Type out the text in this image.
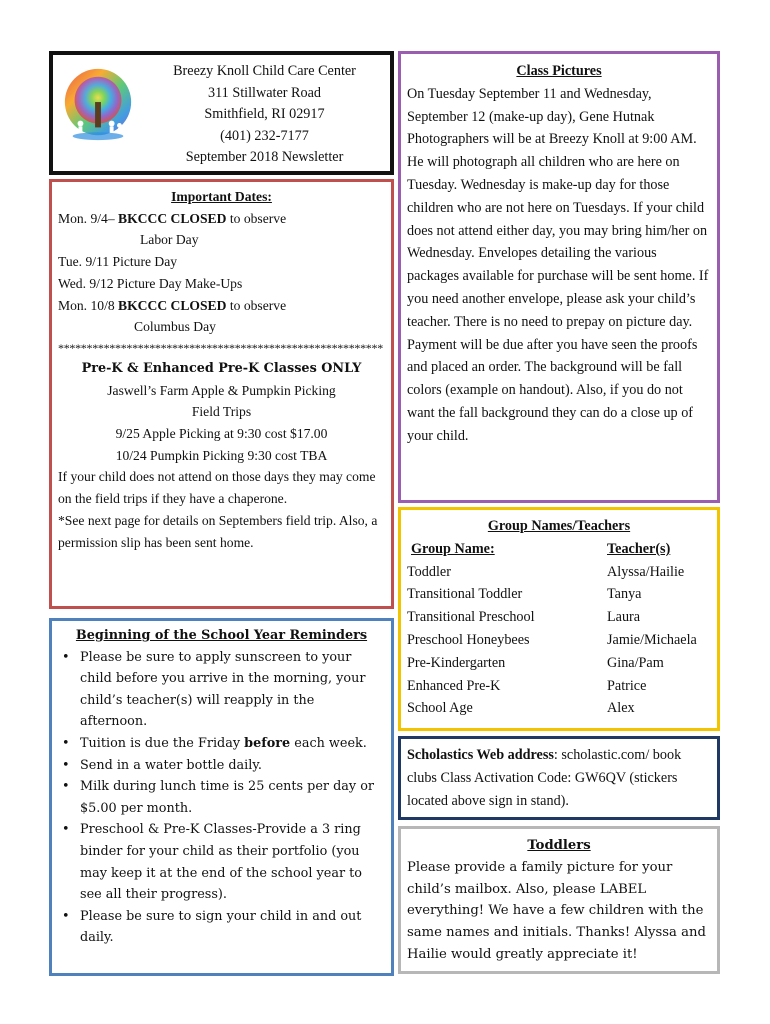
Breezy Knoll Child Care Center
311 Stillwater Road
Smithfield, RI 02917
(401) 232-7177
September 2018 Newsletter
Important Dates:
Mon. 9/4– BKCCC CLOSED to observe
Labor Day
Tue. 9/11 Picture Day
Wed. 9/12 Picture Day Make-Ups
Mon. 10/8 BKCCC CLOSED to observe
Columbus Day
*********************************************************
Pre-K & Enhanced Pre-K Classes ONLY
Jaswell’s Farm Apple & Pumpkin Picking
Field Trips
9/25 Apple Picking at 9:30 cost $17.00
10/24 Pumpkin Picking 9:30 cost TBA
If your child does not attend on those days they may come on the field trips if they have a chaperone.
*See next page for details on Septembers field trip. Also, a permission slip has been sent home.
Beginning of the School Year Reminders
• Please be sure to apply sunscreen to your child before you arrive in the morning, your child’s teacher(s) will reapply in the afternoon.
• Tuition is due the Friday before each week.
• Send in a water bottle daily.
• Milk during lunch time is 25 cents per day or $5.00 per month.
• Preschool & Pre-K Classes-Provide a 3 ring binder for your child as their portfolio (you may keep it at the end of the school year to see all their progress).
• Please be sure to sign your child in and out daily.
Class Pictures
On Tuesday September 11 and Wednesday, September 12 (make-up day), Gene Hutnak Photographers will be at Breezy Knoll at 9:00 AM. He will photograph all children who are here on Tuesday. Wednesday is make-up day for those children who are not here on Tuesdays. If your child does not attend either day, you may bring him/her on Wednesday. Envelopes detailing the various packages available for purchase will be sent home. If you need another envelope, please ask your child’s teacher. There is no need to prepay on picture day. Payment will be due after you have seen the proofs and placed an order. The background will be fall colors (example on handout). Also, if you do not want the fall background they can do a close up of your child.
Group Names/Teachers
Group Name:	Teacher(s)
Toddler	Alyssa/Hailie
Transitional Toddler	Tanya
Transitional Preschool	Laura
Preschool Honeybees	Jamie/Michaela
Pre-Kindergarten	Gina/Pam
Enhanced Pre-K	Patrice
School Age	Alex
Scholastics Web address: scholastic.com/ book clubs Class Activation Code: GW6QV (stickers located above sign in stand).
Toddlers
Please provide a family picture for your child’s mailbox. Also, please LABEL everything! We have a few children with the same names and initials. Thanks! Alyssa and Hailie would greatly appreciate it!
